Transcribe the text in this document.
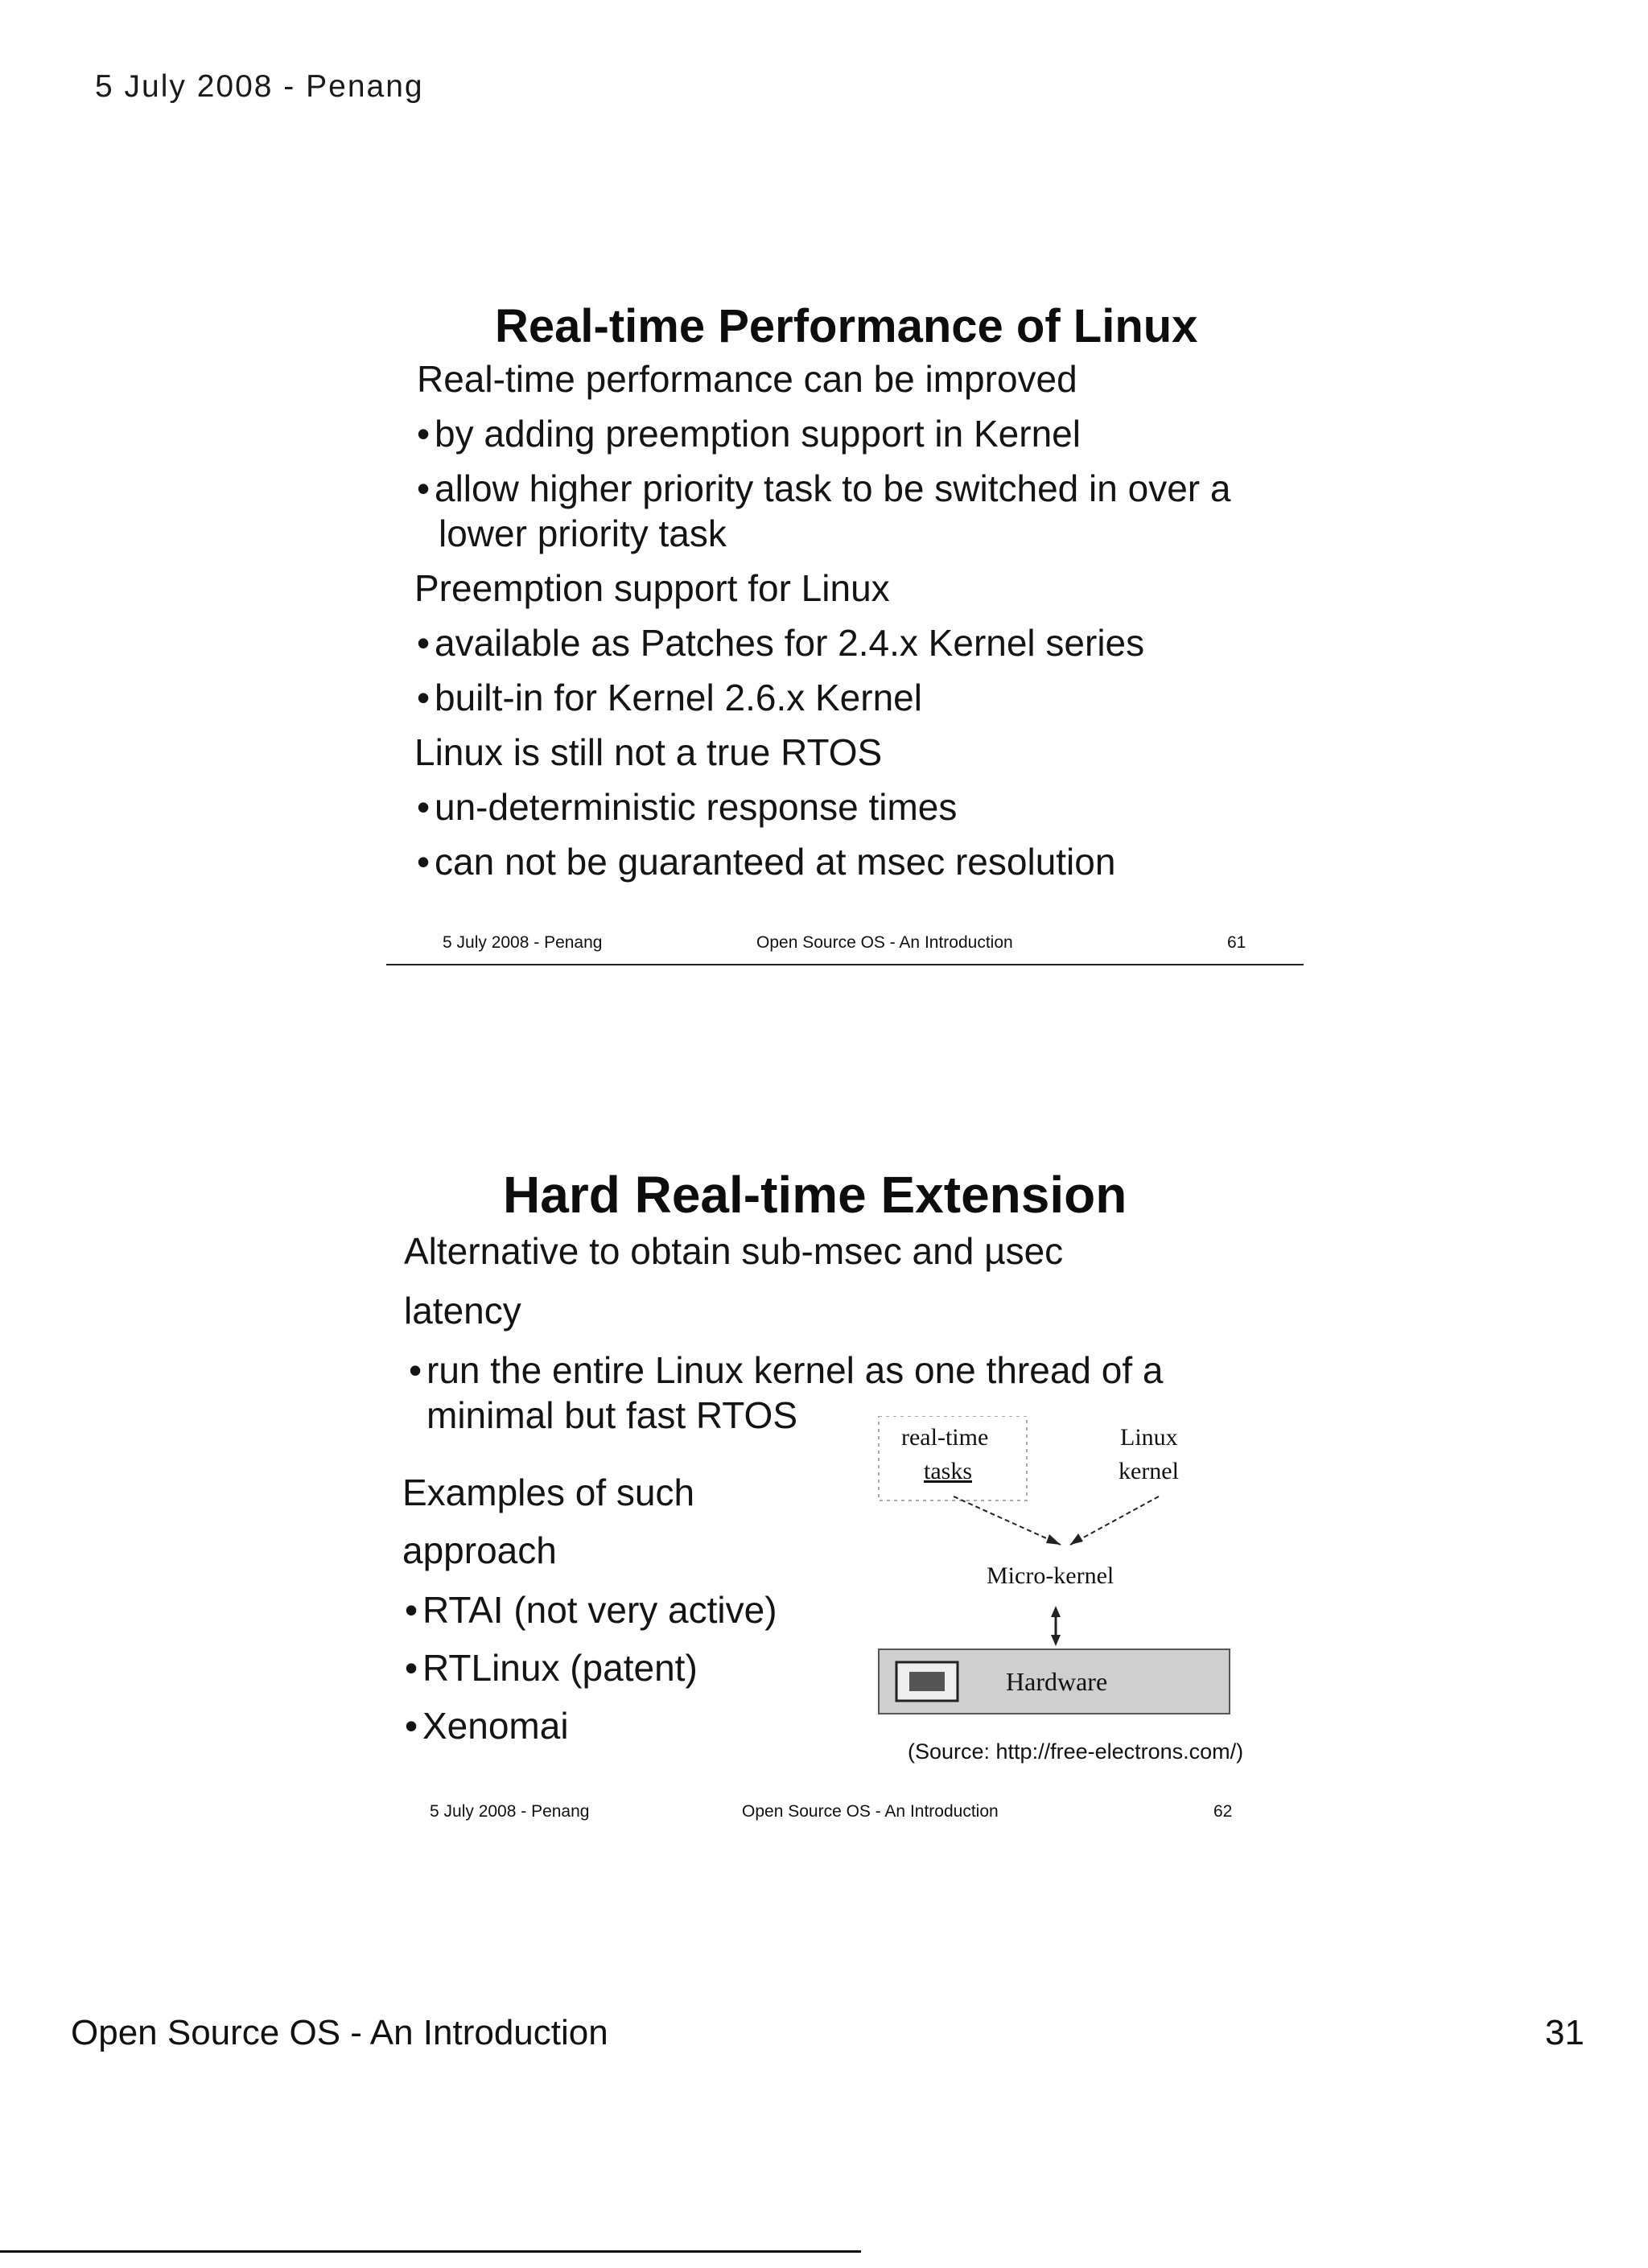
5 July 2008 - Penang
Real-time Performance of Linux
Real-time performance can be improved
• by adding preemption support in Kernel
• allow higher priority task to be switched in over a
lower priority task
Preemption support for Linux
• available as Patches for 2.4.x Kernel series
• built-in for Kernel 2.6.x Kernel
Linux is still not a true RTOS
• un-deterministic response times
• can not be guaranteed at msec resolution
5 July 2008 - Penang	Open Source OS - An Introduction	61
Hard Real-time Extension
Alternative to obtain sub-msec and µsec
latency
• run the entire Linux kernel as one thread of a
minimal but fast RTOS
Examples of such
approach
• RTAI (not very active)
• RTLinux (patent)
• Xenomai
real-time
tasks
Linux
kernel
Micro-kernel
Hardware
(Source: http://free-electrons.com/)
5 July 2008 - Penang	Open Source OS - An Introduction	62
Open Source OS - An Introduction	31
